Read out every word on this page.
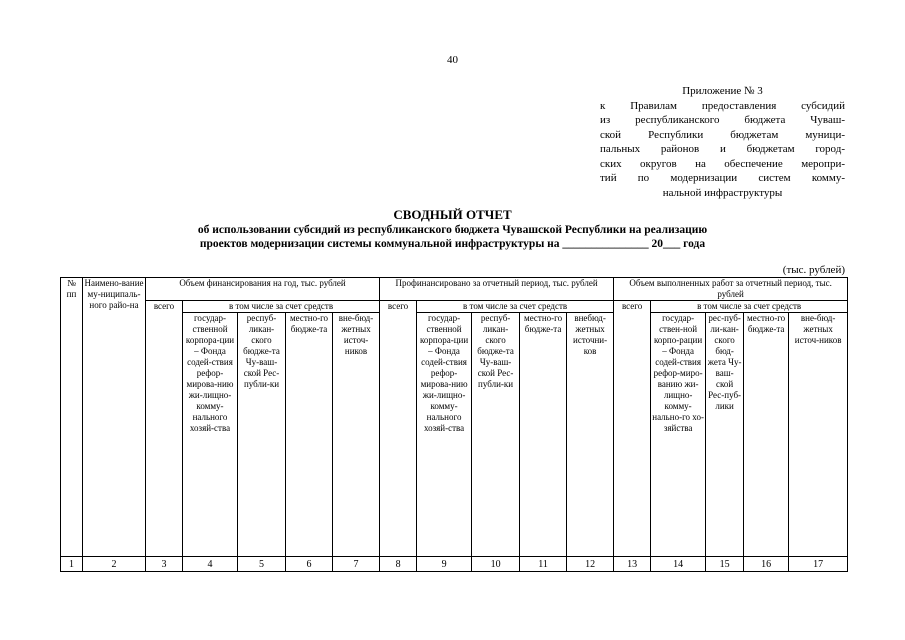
40
Приложение № 3
к Правилам предоставления субсидий
из республиканского бюджета Чуваш-
ской Республики бюджетам муници-
пальных районов и бюджетам город-
ских округов на обеспечение меропри-
тий по модернизации систем комму-
нальной инфраструктуры
СВОДНЫЙ ОТЧЕТ
об использовании субсидий из республиканского бюджета Чувашской Республики на реализацию
проектов модернизации системы коммунальной инфраструктуры на _______________ 20___ года
(тыс. рублей)
№ пп	Наимено-вание му-ниципаль-ного райо-на	Объем финансирования на год, тыс. рублей					Профинансировано за отчетный период, тыс. рублей					Объем выполненных работ за отчетный период, тыс. рублей				
		всего	в том числе за счет средств				всего	в том числе за счет средств				всего	в том числе за счет средств			
			государ-ственной корпора-ции – Фонда содей-ствия рефор-мирова-нию жи-лищно-комму-нального хозяй-ства	респуб-ликан-ского бюджe-та Чу-ваш-ской Рес-публи-ки	местно-го бюдже-та	вне-бюд-жетных источ-ников		государ-ственной корпора-ции – Фонда содей-ствия рефор-мирова-нию жи-лищно-комму-нального хозяй-ства	респуб-ликан-ского бюдже-та Чу-ваш-ской Рес-публи-ки	местно-го бюдже-та	внебюд-жетных источни-ков		государ-ствен-ной корпо-рации – Фонда содей-ствия рефор-миро-ванию жи-лищно-комму-нально-го хо-зяйства	рес-пуб-ли-кан-ского бюд-жета Чу-ваш-ской Рес-пуб-лики	местно-го бюдже-та	вне-бюд-жетных источ-ников
1	2	3	4	5	6	7	8	9	10	11	12	13	14	15	16	17
